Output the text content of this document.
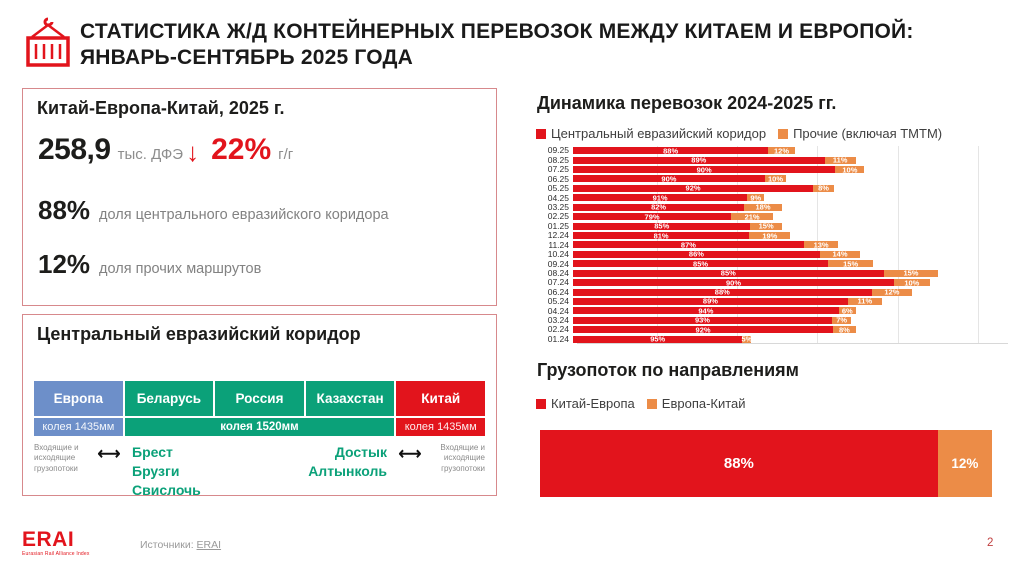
СТАТИСТИКА Ж/Д КОНТЕЙНЕРНЫХ ПЕРЕВОЗОК МЕЖДУ КИТАЕМ И ЕВРОПОЙ:
ЯНВАРЬ-СЕНТЯБРЬ 2025 ГОДА
Китай-Европа-Китай, 2025 г.
258,9 тыс. ДФЭ ↓ 22% г/г
88% доля центрального евразийского коридора
12% доля прочих маршрутов
Центральный евразийский коридор
Европа	Беларусь	Россия	Казахстан	Китай
колея 1435мм	колея 1520мм	колея 1435мм
Входящие и исходящие грузопотоки
⟷ Брест
Брузги
Свислочь
Достык
Алтынколь
⟷	Входящие и исходящие грузопотоки
Динамика перевозок 2024-2025 гг.
Центральный евразийский коридор Прочие (включая ТМТМ)
09.25	88%	12%
08.25	89%	11%
07.25	90%	10%
06.25	90%	10%
05.25	92%	8%
04.25	91%	9%
03.25	82%	18%
02.25	79%	21%
01.25	85%	15%
12.24	81%	19%
11.24	87%	13%
10.24	86%	14%
09.24	85%	15%
08.24	85%	15%
07.24	90%	10%
06.24	88%	12%
05.24	89%	11%
04.24	94%	6%
03.24	93%	7%
02.24	92%	8%
01.24	95%	5%
Грузопоток по направлениям
Китай-Европа Европа-Китай
88%	12%
ERAI
Eurasian Rail Alliance Index
Источники: ERAI	2
